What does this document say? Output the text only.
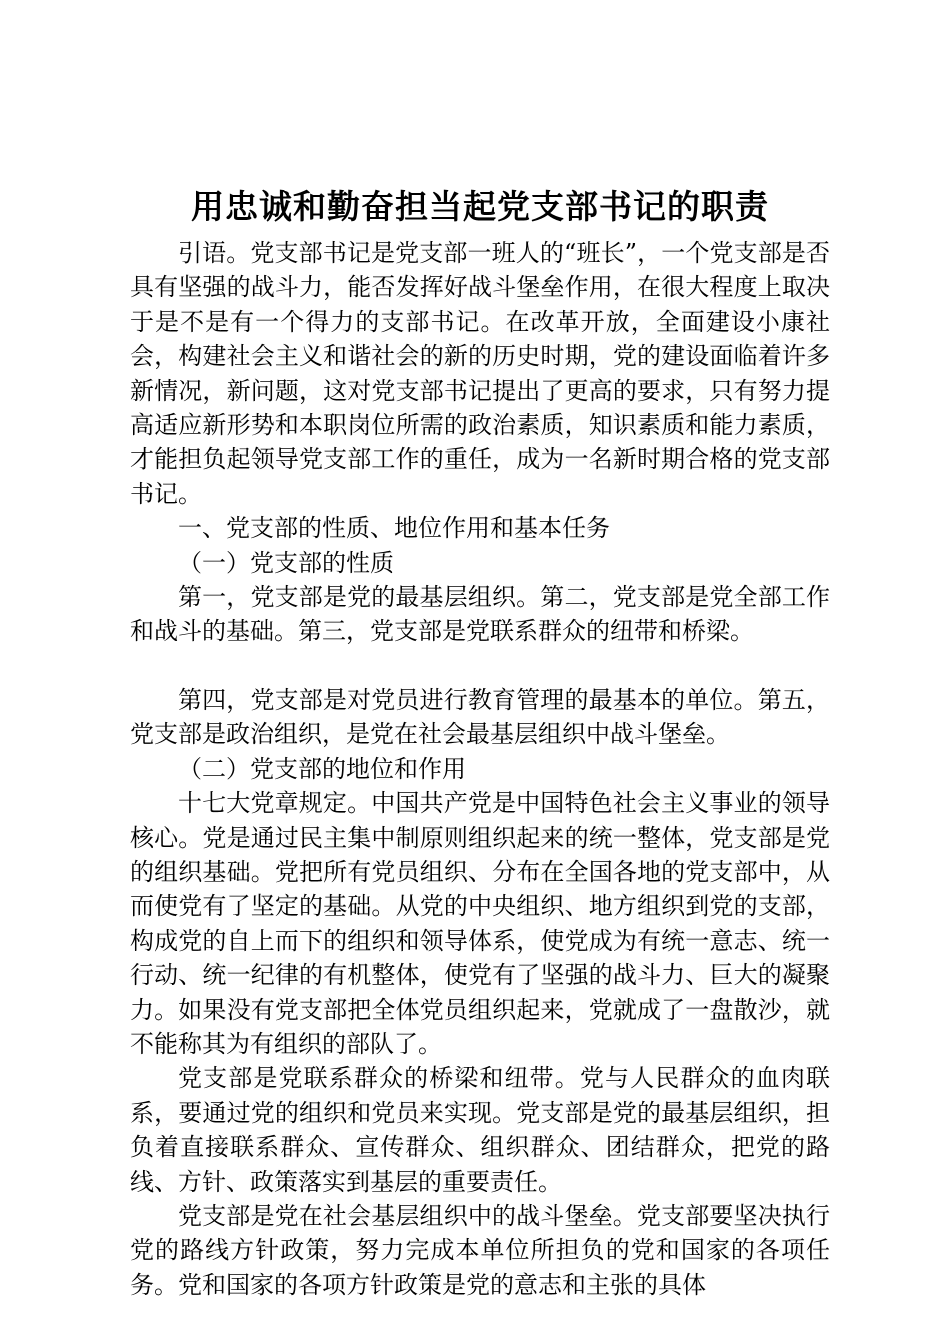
用忠诚和勤奋担当起党支部书记的职责

引语。党支部书记是党支部一班人的“班长”，一个党支部是否具有坚强的战斗力，能否发挥好战斗堡垒作用，在很大程度上取决于是不是有一个得力的支部书记。在改革开放，全面建设小康社会，构建社会主义和谐社会的新的历史时期，党的建设面临着许多新情况，新问题，这对党支部书记提出了更高的要求，只有努力提高适应新形势和本职岗位所需的政治素质，知识素质和能力素质，才能担负起领导党支部工作的重任，成为一名新时期合格的党支部书记。

一、党支部的性质、地位作用和基本任务

（一）党支部的性质

第一，党支部是党的最基层组织。第二，党支部是党全部工作和战斗的基础。第三，党支部是党联系群众的纽带和桥梁。

第四，党支部是对党员进行教育管理的最基本的单位。第五，党支部是政治组织，是党在社会最基层组织中战斗堡垒。

（二）党支部的地位和作用

十七大党章规定。中国共产党是中国特色社会主义事业的领导核心。党是通过民主集中制原则组织起来的统一整体，党支部是党的组织基础。党把所有党员组织、分布在全国各地的党支部中，从而使党有了坚定的基础。从党的中央组织、地方组织到党的支部，构成党的自上而下的组织和领导体系，使党成为有统一意志、统一行动、统一纪律的有机整体，使党有了坚强的战斗力、巨大的凝聚力。如果没有党支部把全体党员组织起来，党就成了一盘散沙，就不能称其为有组织的部队了。

党支部是党联系群众的桥梁和纽带。党与人民群众的血肉联系，要通过党的组织和党员来实现。党支部是党的最基层组织，担负着直接联系群众、宣传群众、组织群众、团结群众，把党的路线、方针、政策落实到基层的重要责任。

党支部是党在社会基层组织中的战斗堡垒。党支部要坚决执行党的路线方针政策，努力完成本单位所担负的党和国家的各项任务。党和国家的各项方针政策是党的意志和主张的具体
